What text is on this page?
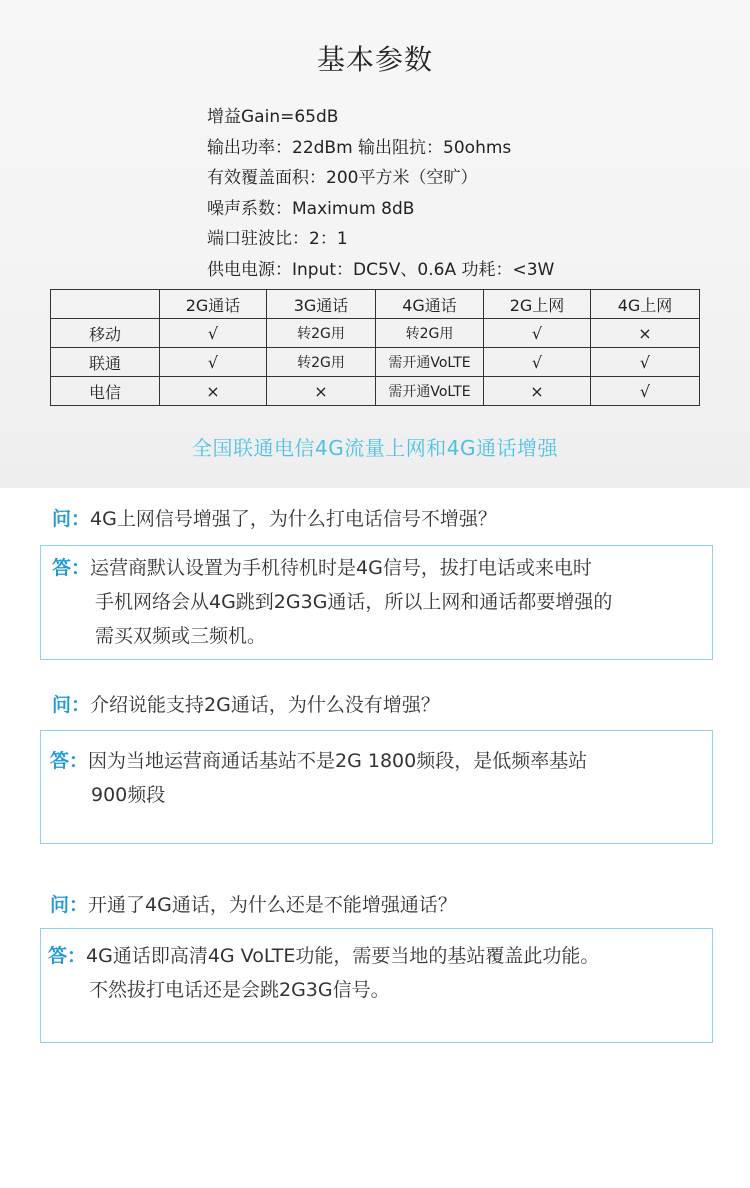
基本参数
增益Gain=65dB
输出功率：22dBm 输出阻抗：50ohms
有效覆盖面积：200平方米（空旷）
噪声系数：Maximum 8dB
端口驻波比：2：1
供电电源：Input：DC5V、0.6A 功耗：<3W
	2G通话	3G通话	4G通话	2G上网	4G上网
移动	√	转2G用	转2G用	√	×
联通	√	转2G用	需开通VoLTE	√	√
电信	×	×	需开通VoLTE	×	√
全国联通电信4G流量上网和4G通话增强
问：4G上网信号增强了，为什么打电话信号不增强？
答：运营商默认设置为手机待机时是4G信号，拔打电话或来电时
手机网络会从4G跳到2G3G通话，所以上网和通话都要增强的
需买双频或三频机。
问：介绍说能支持2G通话，为什么没有增强？
答：因为当地运营商通话基站不是2G 1800频段，是低频率基站
900频段
问：开通了4G通话，为什么还是不能增强通话？
答：4G通话即高清4G VoLTE功能，需要当地的基站覆盖此功能。
不然拔打电话还是会跳2G3G信号。
